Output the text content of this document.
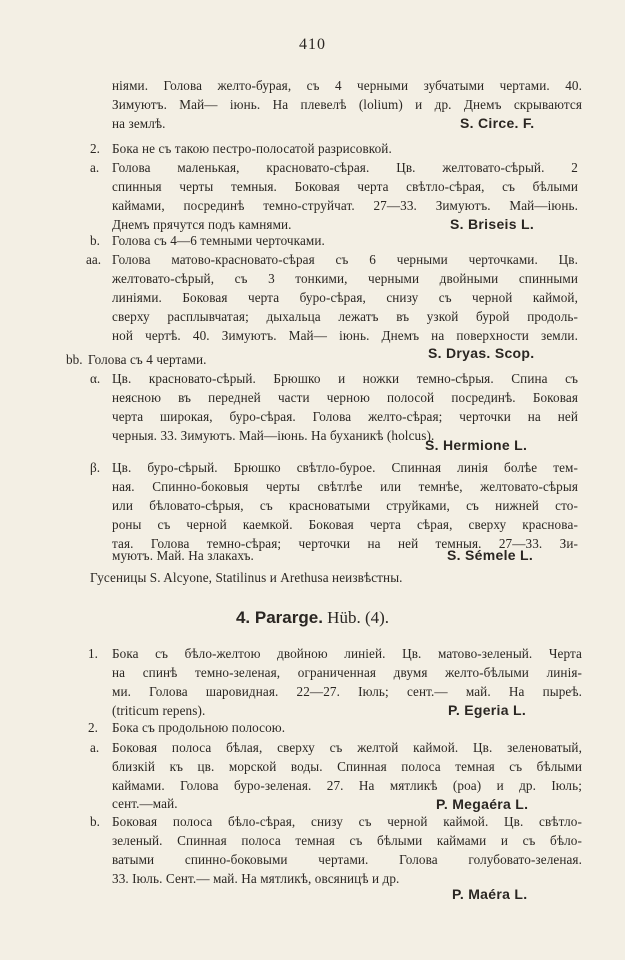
410
ніями. Голова желто-бурая, съ 4 черными зубчатыми чертами. 40.
Зимуютъ. Май— іюнь. На плевелѣ (lolium) и др. Днемъ скрываются
на землѣ.	S. Circe. F.
2. Бока не съ такою пестро-полосатой разрисовкой.
a. Голова маленькая, красновато-сѣрая. Цв. желтовато-сѣрый. 2
спинныя черты темныя. Боковая черта свѣтло-сѣрая, съ бѣлыми
каймами, посрединѣ темно-струйчат. 27—33. Зимуютъ. Май—іюнь.
Днемъ прячутся подъ камнями.	S. Briseis L.
b. Голова съ 4—6 темными черточками.
aa. Голова матово-красновато-сѣрая съ 6 черными черточками. Цв.
желтовато-сѣрый, съ 3 тонкими, черными двойными спинными
линіями. Боковая черта буро-сѣрая, снизу съ черной каймой,
сверху расплывчатая; дыхальца лежатъ въ узкой бурой продоль-
ной чертѣ. 40. Зимуютъ. Май— іюнь. Днемъ на поверхности земли.
S. Dryas. Scop.
bb. Голова съ 4 чертами.
α. Цв. красновато-сѣрый. Брюшко и ножки темно-сѣрыя. Спина съ
неясною въ передней части черною полосой посрединѣ. Боковая
черта широкая, буро-сѣрая. Голова желто-сѣрая; черточки на ней
черныя. 33. Зимуютъ. Май—іюнь. На буханикѣ (holcus).
S. Hermione L.
β. Цв. буро-сѣрый. Брюшко свѣтло-бурое. Спинная линія болѣе тем-
ная. Спинно-боковыя черты свѣтлѣе или темнѣе, желтовато-сѣрыя
или бѣловато-сѣрыя, съ красноватыми струйками, съ нижней сто-
роны съ черной каемкой. Боковая черта сѣрая, сверху красновa-
тая. Голова темно-сѣрая; черточки на ней темныя. 27—33. Зи-
муютъ. Май. На злакахъ.	S. Sémele L.
Гусеницы S. Alcyone, Statilinus и Arethusa неизвѣстны.
4. Pararge. Hüb. (4).
1. Бока съ бѣло-желтою двойною линіей. Цв. матово-зеленый. Черта
на спинѣ темно-зеленая, ограниченная двумя желто-бѣлыми линія-
ми. Голова шаровидная. 22—27. Іюль; сент.— май. На пырeѣ.
(triticum repens).	P. Egeria L.
2. Бока съ продольною полосою.
a. Боковая полоса бѣлая, сверху съ желтой каймой. Цв. зеленоватый,
близкій къ цв. морской воды. Спинная полоса темная съ бѣлыми
каймами. Голова буро-зеленая. 27. На мятликѣ (poa) и др. Іюль;
сент.—май.	P. Megaéra L.
b. Боковая полоса бѣло-сѣрая, снизу съ черной каймой. Цв. свѣтло-
зеленый. Спинная полоса темная съ бѣлыми каймами и съ бѣло-
ватыми спинно-боковыми чертами. Голова голубовато-зеленая.
33. Іюль. Сент.— май. На мятликѣ, овсяницѣ и др.
P. Maéra L.
